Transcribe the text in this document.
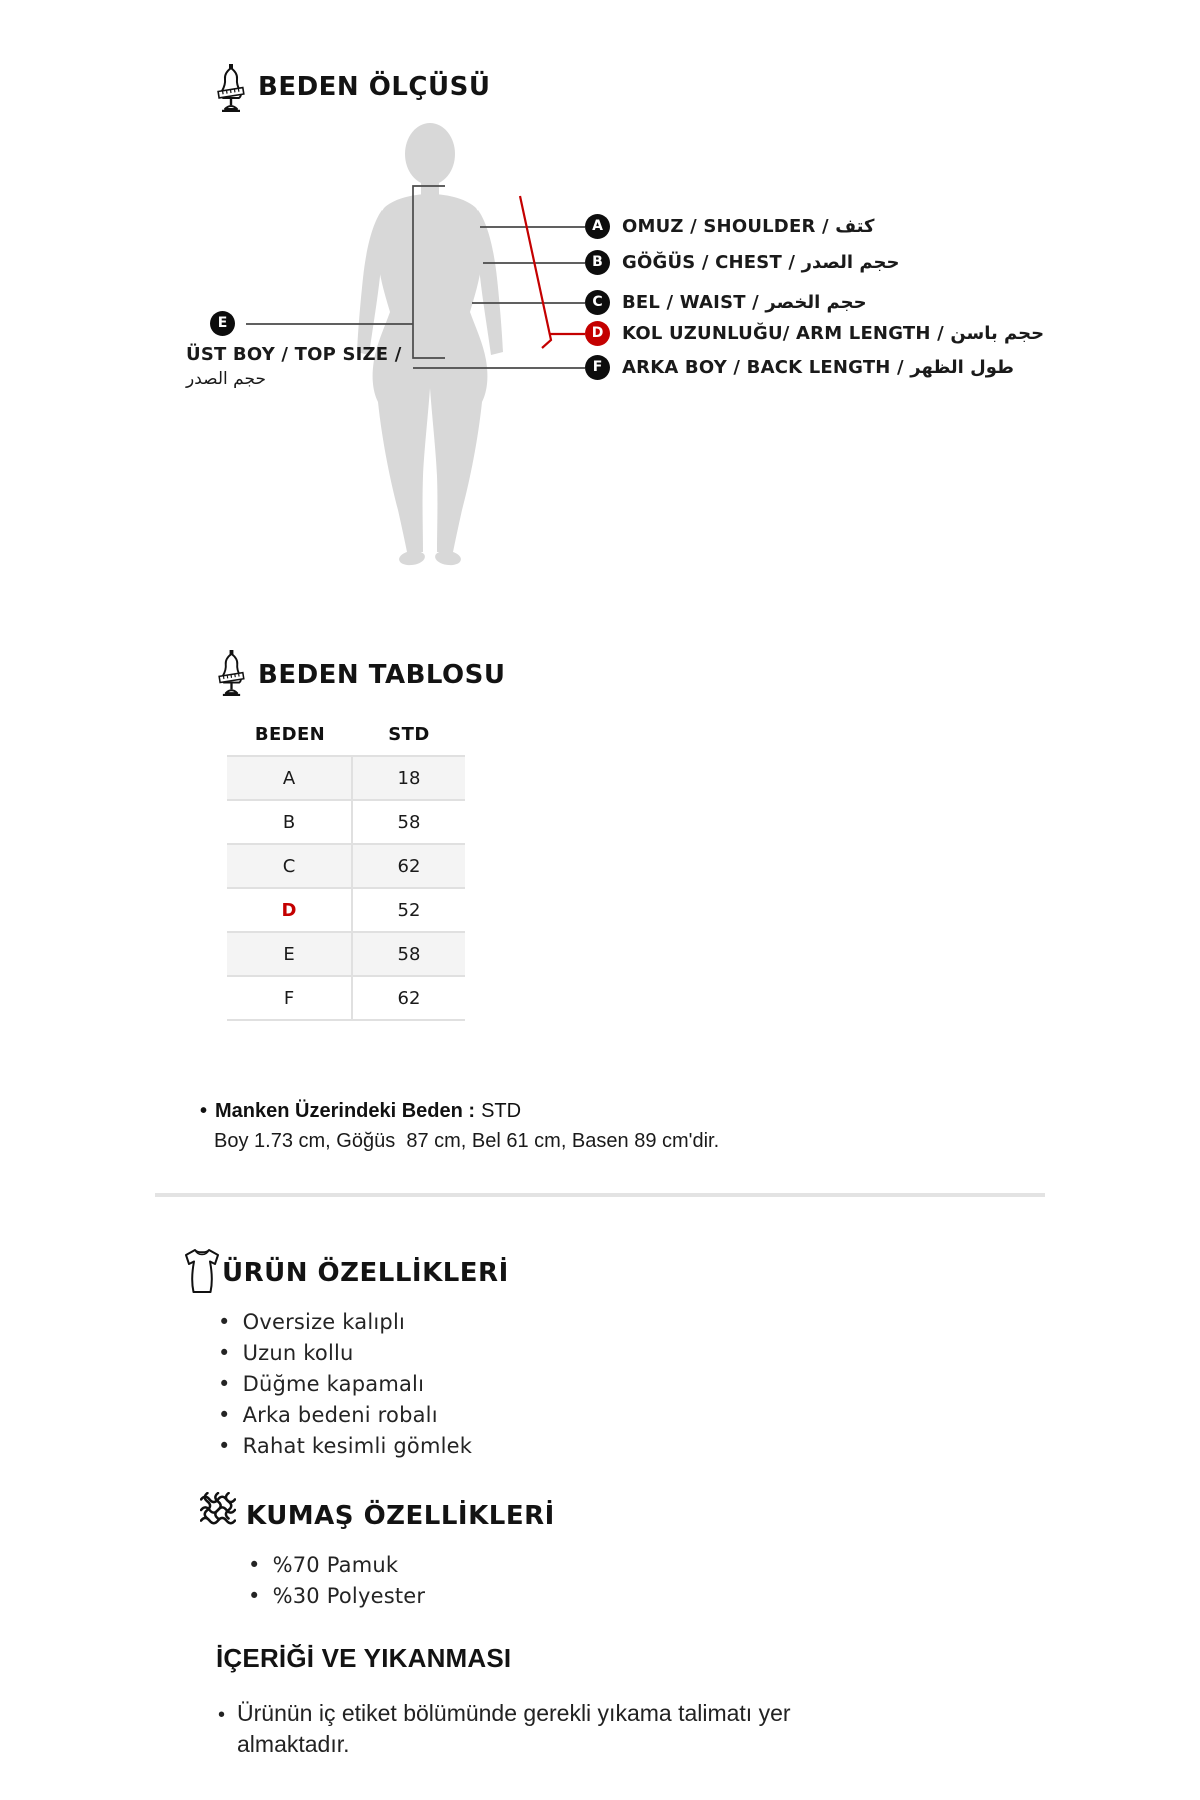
BEDEN ÖLÇÜSÜ
A	OMUZ / SHOULDER / كتف
B	GÖĞÜS / CHEST / حجم الصدر
C	BEL / WAIST / حجم الخصر
D	KOL UZUNLUĞU/ ARM LENGTH / حجم باسن
F	ARKA BOY / BACK LENGTH / طول الظهر
E
ÜST BOY / TOP SIZE /
حجم الصدر
BEDEN TABLOSU
BEDEN	STD
A	18
B	58
C	62
D	52
E	58
F	62
• Manken Üzerindeki Beden : STD
Boy 1.73 cm, Göğüs  87 cm, Bel 61 cm, Basen 89 cm'dir.
ÜRÜN ÖZELLİKLERİ
• Oversize kalıplı
• Uzun kollu
• Düğme kapamalı
• Arka bedeni robalı
• Rahat kesimli gömlek
KUMAŞ ÖZELLİKLERİ
• %70 Pamuk
• %30 Polyester
İÇERİĞİ VE YIKANMASI
• Ürünün iç etiket bölümünde gerekli yıkama talimatı yer almaktadır.
